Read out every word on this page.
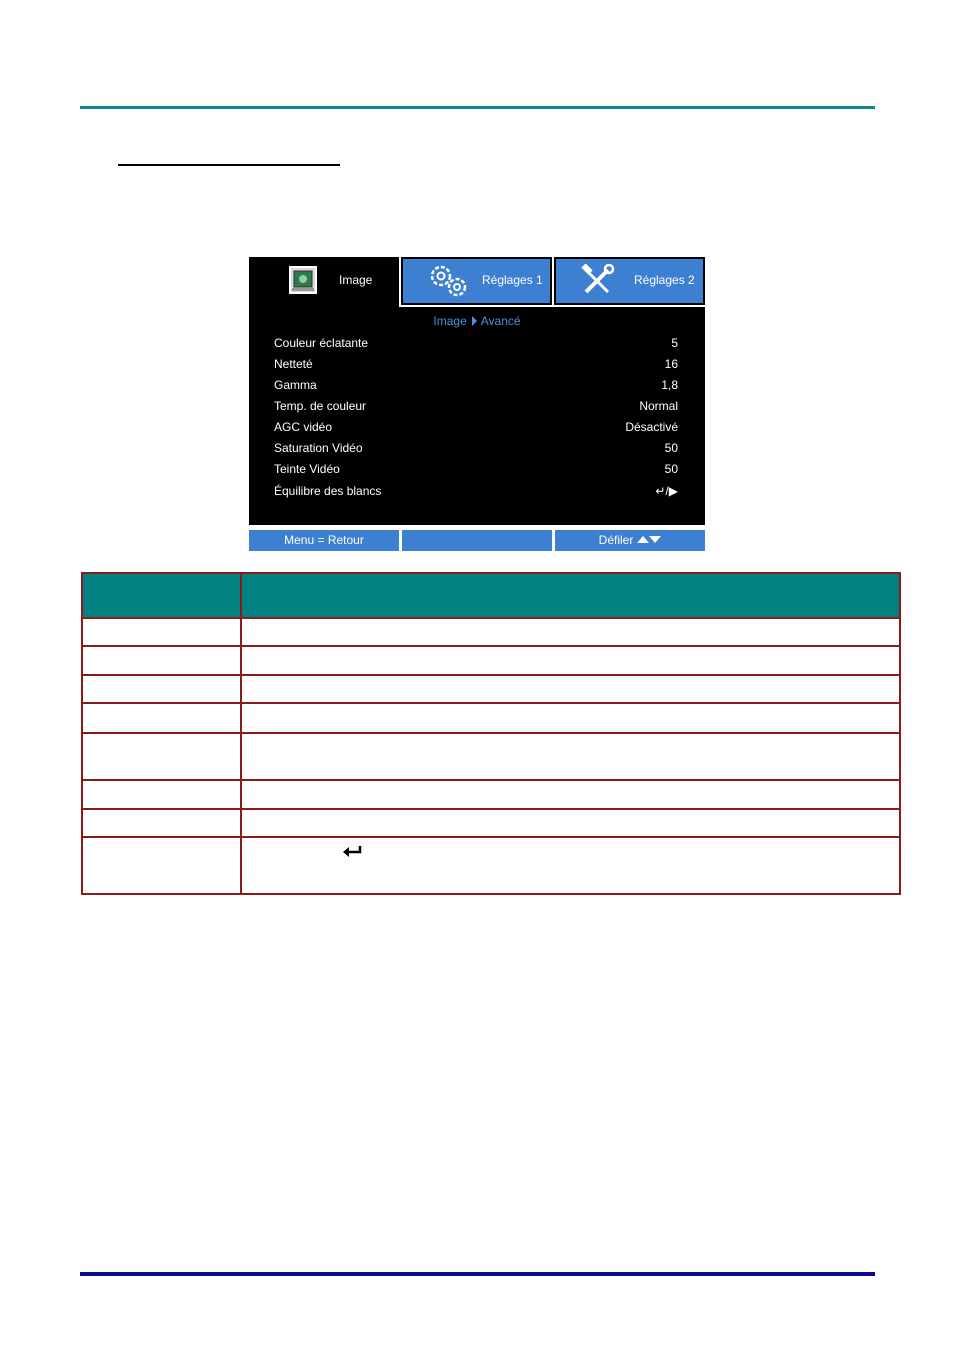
Image	Réglages 1	Réglages 2
Image Avancé
Couleur éclatante	5
Netteté	16
Gamma	1,8
Temp. de couleur	Normal
AGC vidéo	Désactivé
Saturation Vidéo	50
Teinte Vidéo	50
Équilibre des blancs	↵/▶
Menu = Retour	Défiler
